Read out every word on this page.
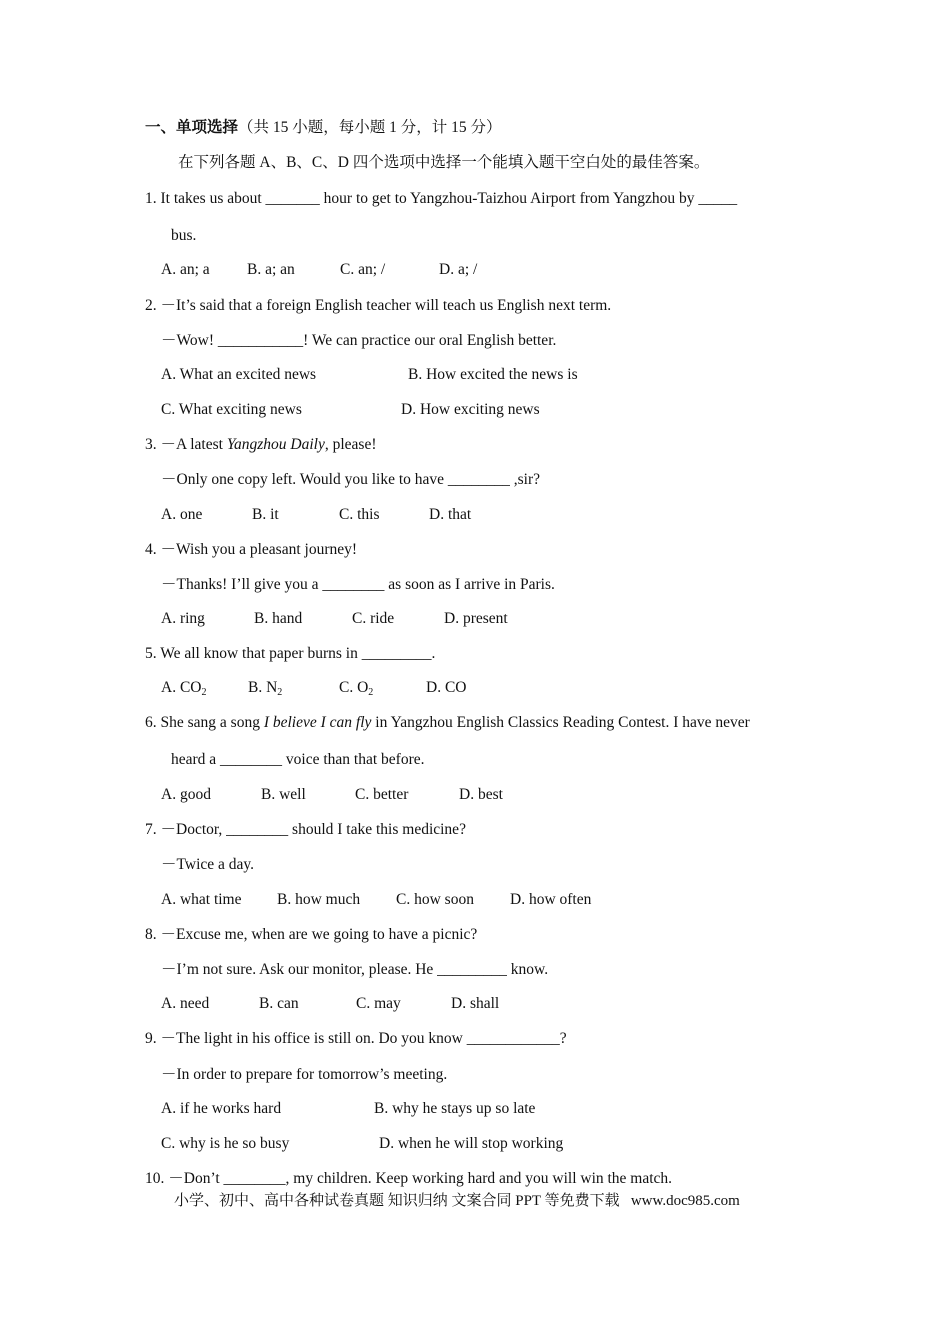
一、单项选择（共 15 小题，每小题 1 分，计 15 分）
在下列各题 A、B、C、D 四个选项中选择一个能填入题干空白处的最佳答案。
1. It takes us about _______ hour to get to Yangzhou-Taizhou Airport from Yangzhou by _____
bus.
A. an; a B. a; an	C. an; /	D. a; /
2. －It’s said that a foreign English teacher will teach us English next term.
－Wow! ___________! We can practice our oral English better.
A. What an excited news	B. How excited the news is
C. What exciting news	D. How exciting news
3. －A latest Yangzhou Daily, please!
－Only one copy left. Would you like to have ________ ,sir?
A. one	B. it	C. this	D. that
4. －Wish you a pleasant journey!
－Thanks! I’ll give you a ________ as soon as I arrive in Paris.
A. ring	B. hand	C. ride	D. present
5. We all know that paper burns in _________.
A. $CO_2$	B. $N_2$	C. $O_2$	D. CO
6. She sang a song I believe I can fly in Yangzhou English Classics Reading Contest. I have never
heard a ________ voice than that before.
A. good	B. well	C. better	D. best
7. －Doctor, ________ should I take this medicine?
－Twice a day.
A. what time B. how much C. how soon D. how often
8. －Excuse me, when are we going to have a picnic?
－I’m not sure. Ask our monitor, please. He _________ know.
A. need	B. can	C. may	D. shall
9. －The light in his office is still on. Do you know ____________?
－In order to prepare for tomorrow’s meeting.
A. if he works hard	B. why he stays up so late
C. why is he so busy	D. when he will stop working
10. －Don’t ________, my children. Keep working hard and you will win the match.
小学、初中、高中各种试卷真题 知识归纳 文案合同 PPT 等免费下载   www.doc985.com
